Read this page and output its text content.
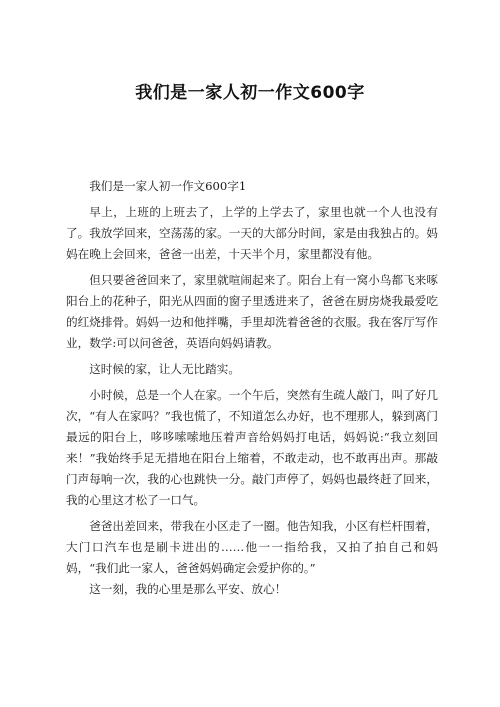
我们是一家人初一作文600字

我们是一家人初一作文600字1

早上，上班的上班去了，上学的上学去了，家里也就一个人也没有了。我放学回来，空荡荡的家。一天的大部分时间，家是由我独占的。妈妈在晚上会回来，爸爸一出差，十天半个月，家里都没有他。

但只要爸爸回来了，家里就喧闹起来了。阳台上有一窝小鸟都飞来啄阳台上的花种子，阳光从四面的窗子里透进来了，爸爸在厨房烧我最爱吃的红烧排骨。妈妈一边和他拌嘴，手里却洗着爸爸的衣服。我在客厅写作业，数学:可以问爸爸，英语向妈妈请教。

这时候的家，让人无比踏实。

小时候，总是一个人在家。一个午后，突然有生疏人敲门，叫了好几次，“有人在家吗？”我也慌了，不知道怎么办好，也不理那人，躲到离门最远的阳台上，哆哆嗦嗦地压着声音给妈妈打电话，妈妈说:“我立刻回来！”我始终手足无措地在阳台上缩着，不敢走动，也不敢再出声。那敲门声每响一次，我的心也跳快一分。敲门声停了，妈妈也最终赶了回来，我的心里这才松了一口气。

爸爸出差回来，带我在小区走了一圈。他告知我，小区有栏杆围着，大门口汽车也是刷卡进出的……他一一指给我，又拍了拍自己和妈妈，“我们此一家人，爸爸妈妈确定会爱护你的。”

这一刻，我的心里是那么平安、放心！
